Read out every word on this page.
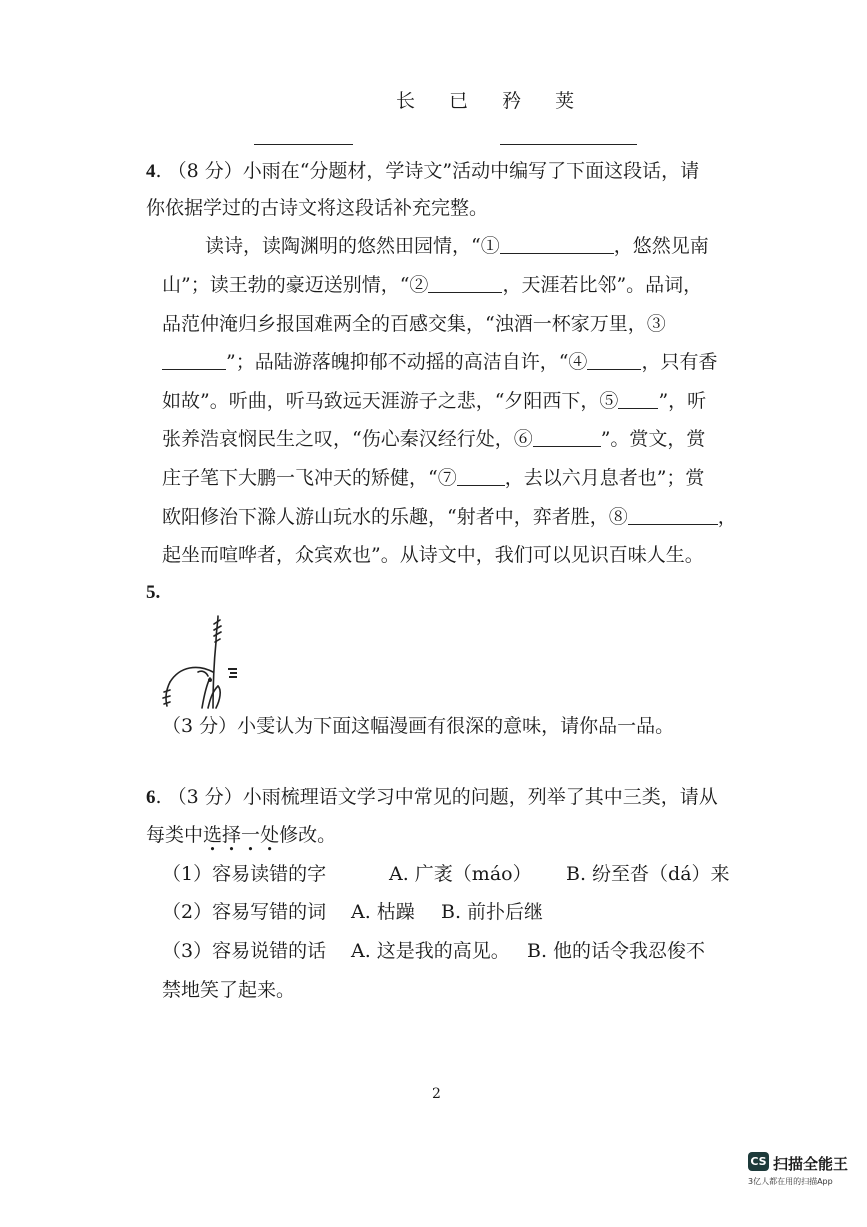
长 已 矜 荚
4. （8 分）小雨在“分题材，学诗文”活动中编写了下面这段话，请
你依据学过的古诗文将这段话补充完整。
读诗，读陶渊明的悠然田园情，“①	，悠然见南
山”；读王勃的豪迈送别情，“②	，天涯若比邻”。品词，
品范仲淹归乡报国难两全的百感交集，“浊酒一杯家万里，③
”；品陆游落魄抑郁不动摇的高洁自许，“④	，只有香
如故”。听曲，听马致远天涯游子之悲，“夕阳西下，⑤ ”，听
张养浩哀悯民生之叹，“伤心秦汉经行处，⑥	”。赏文，赏
庄子笔下大鹏一飞冲天的矫健，“⑦	，去以六月息者也”；赏
欧阳修治下滁人游山玩水的乐趣，“射者中，弈者胜，⑧	，
起坐而喧哗者，众宾欢也”。从诗文中，我们可以见识百味人生。
5.
（3 分）小雯认为下面这幅漫画有很深的意味，请你品一品。
6. （3 分）小雨梳理语文学习中常见的问题，列举了其中三类，请从
每类中选择一处修改。
（1）容易读错的字	A. 广袤（máo） B. 纷至沓（dá）来
（2）容易写错的词 A. 枯躁 B. 前扑后继
（3）容易说错的话 A. 这是我的高见。 B. 他的话令我忍俊不
禁地笑了起来。
2
CS 扫描全能王
3亿人都在用的扫描App
